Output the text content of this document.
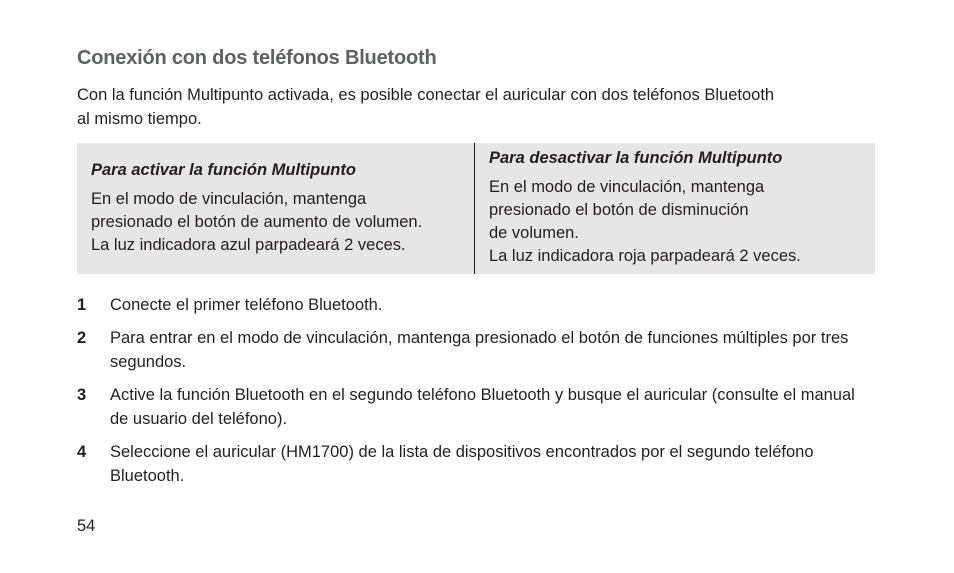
Conexión con dos teléfonos Bluetooth
Con la función Multipunto activada, es posible conectar el auricular con dos teléfonos Bluetooth
al mismo tiempo.
Para activar la función Multipunto
En el modo de vinculación, mantenga
presionado el botón de aumento de volumen.
La luz indicadora azul parpadeará 2 veces.
Para desactivar la función Multipunto
En el modo de vinculación, mantenga
presionado el botón de disminución
de volumen.
La luz indicadora roja parpadeará 2 veces.
1	Conecte el primer teléfono Bluetooth.
2	Para entrar en el modo de vinculación, mantenga presionado el botón de funciones múltiples por tres segundos.
3	Active la función Bluetooth en el segundo teléfono Bluetooth y busque el auricular (consulte el manual de usuario del teléfono).
4	Seleccione el auricular (HM1700) de la lista de dispositivos encontrados por el segundo teléfono Bluetooth.
54
